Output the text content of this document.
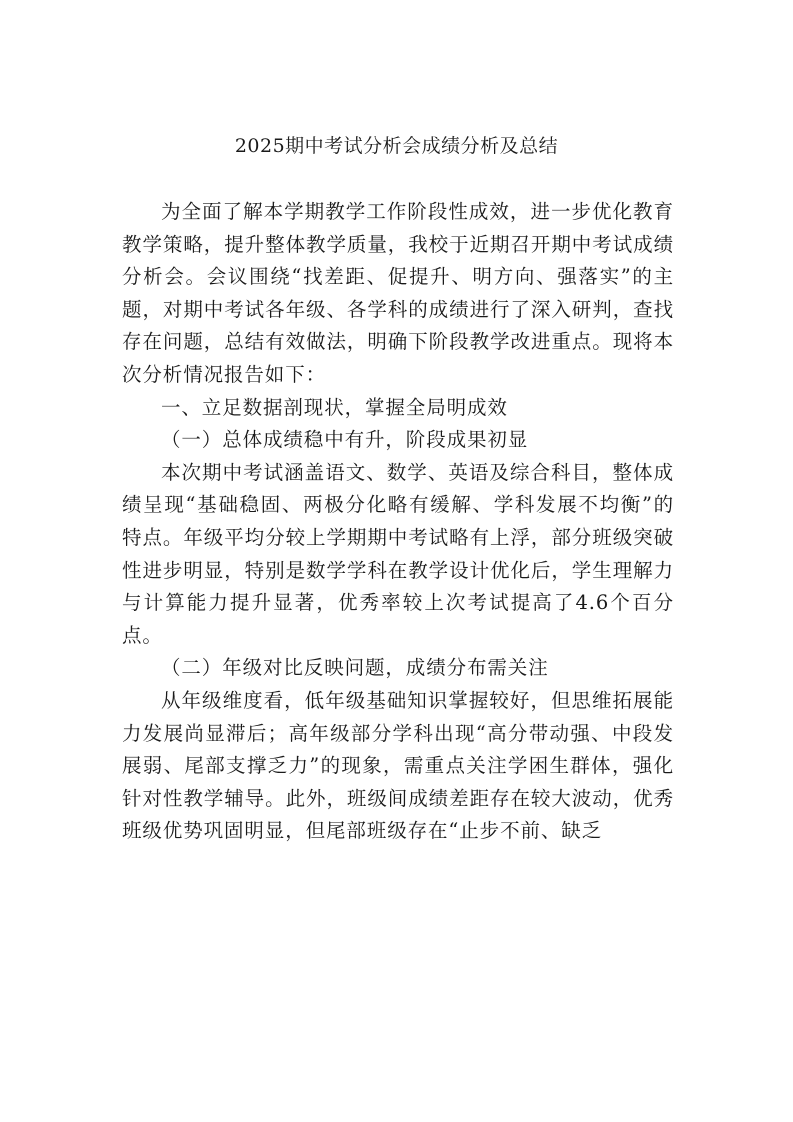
2025期中考试分析会成绩分析及总结

为全面了解本学期教学工作阶段性成效，进一步优化教育教学策略，提升整体教学质量，我校于近期召开期中考试成绩分析会。会议围绕“找差距、促提升、明方向、强落实”的主题，对期中考试各年级、各学科的成绩进行了深入研判，查找存在问题，总结有效做法，明确下阶段教学改进重点。现将本次分析情况报告如下：

一、立足数据剖现状，掌握全局明成效

（一）总体成绩稳中有升，阶段成果初显

本次期中考试涵盖语文、数学、英语及综合科目，整体成绩呈现“基础稳固、两极分化略有缓解、学科发展不均衡”的特点。年级平均分较上学期期中考试略有上浮，部分班级突破性进步明显，特别是数学学科在教学设计优化后，学生理解力与计算能力提升显著，优秀率较上次考试提高了4.6个百分点。

（二）年级对比反映问题，成绩分布需关注

从年级维度看，低年级基础知识掌握较好，但思维拓展能力发展尚显滞后；高年级部分学科出现“高分带动强、中段发展弱、尾部支撑乏力”的现象，需重点关注学困生群体，强化针对性教学辅导。此外，班级间成绩差距存在较大波动，优秀班级优势巩固明显，但尾部班级存在“止步不前、缺乏
